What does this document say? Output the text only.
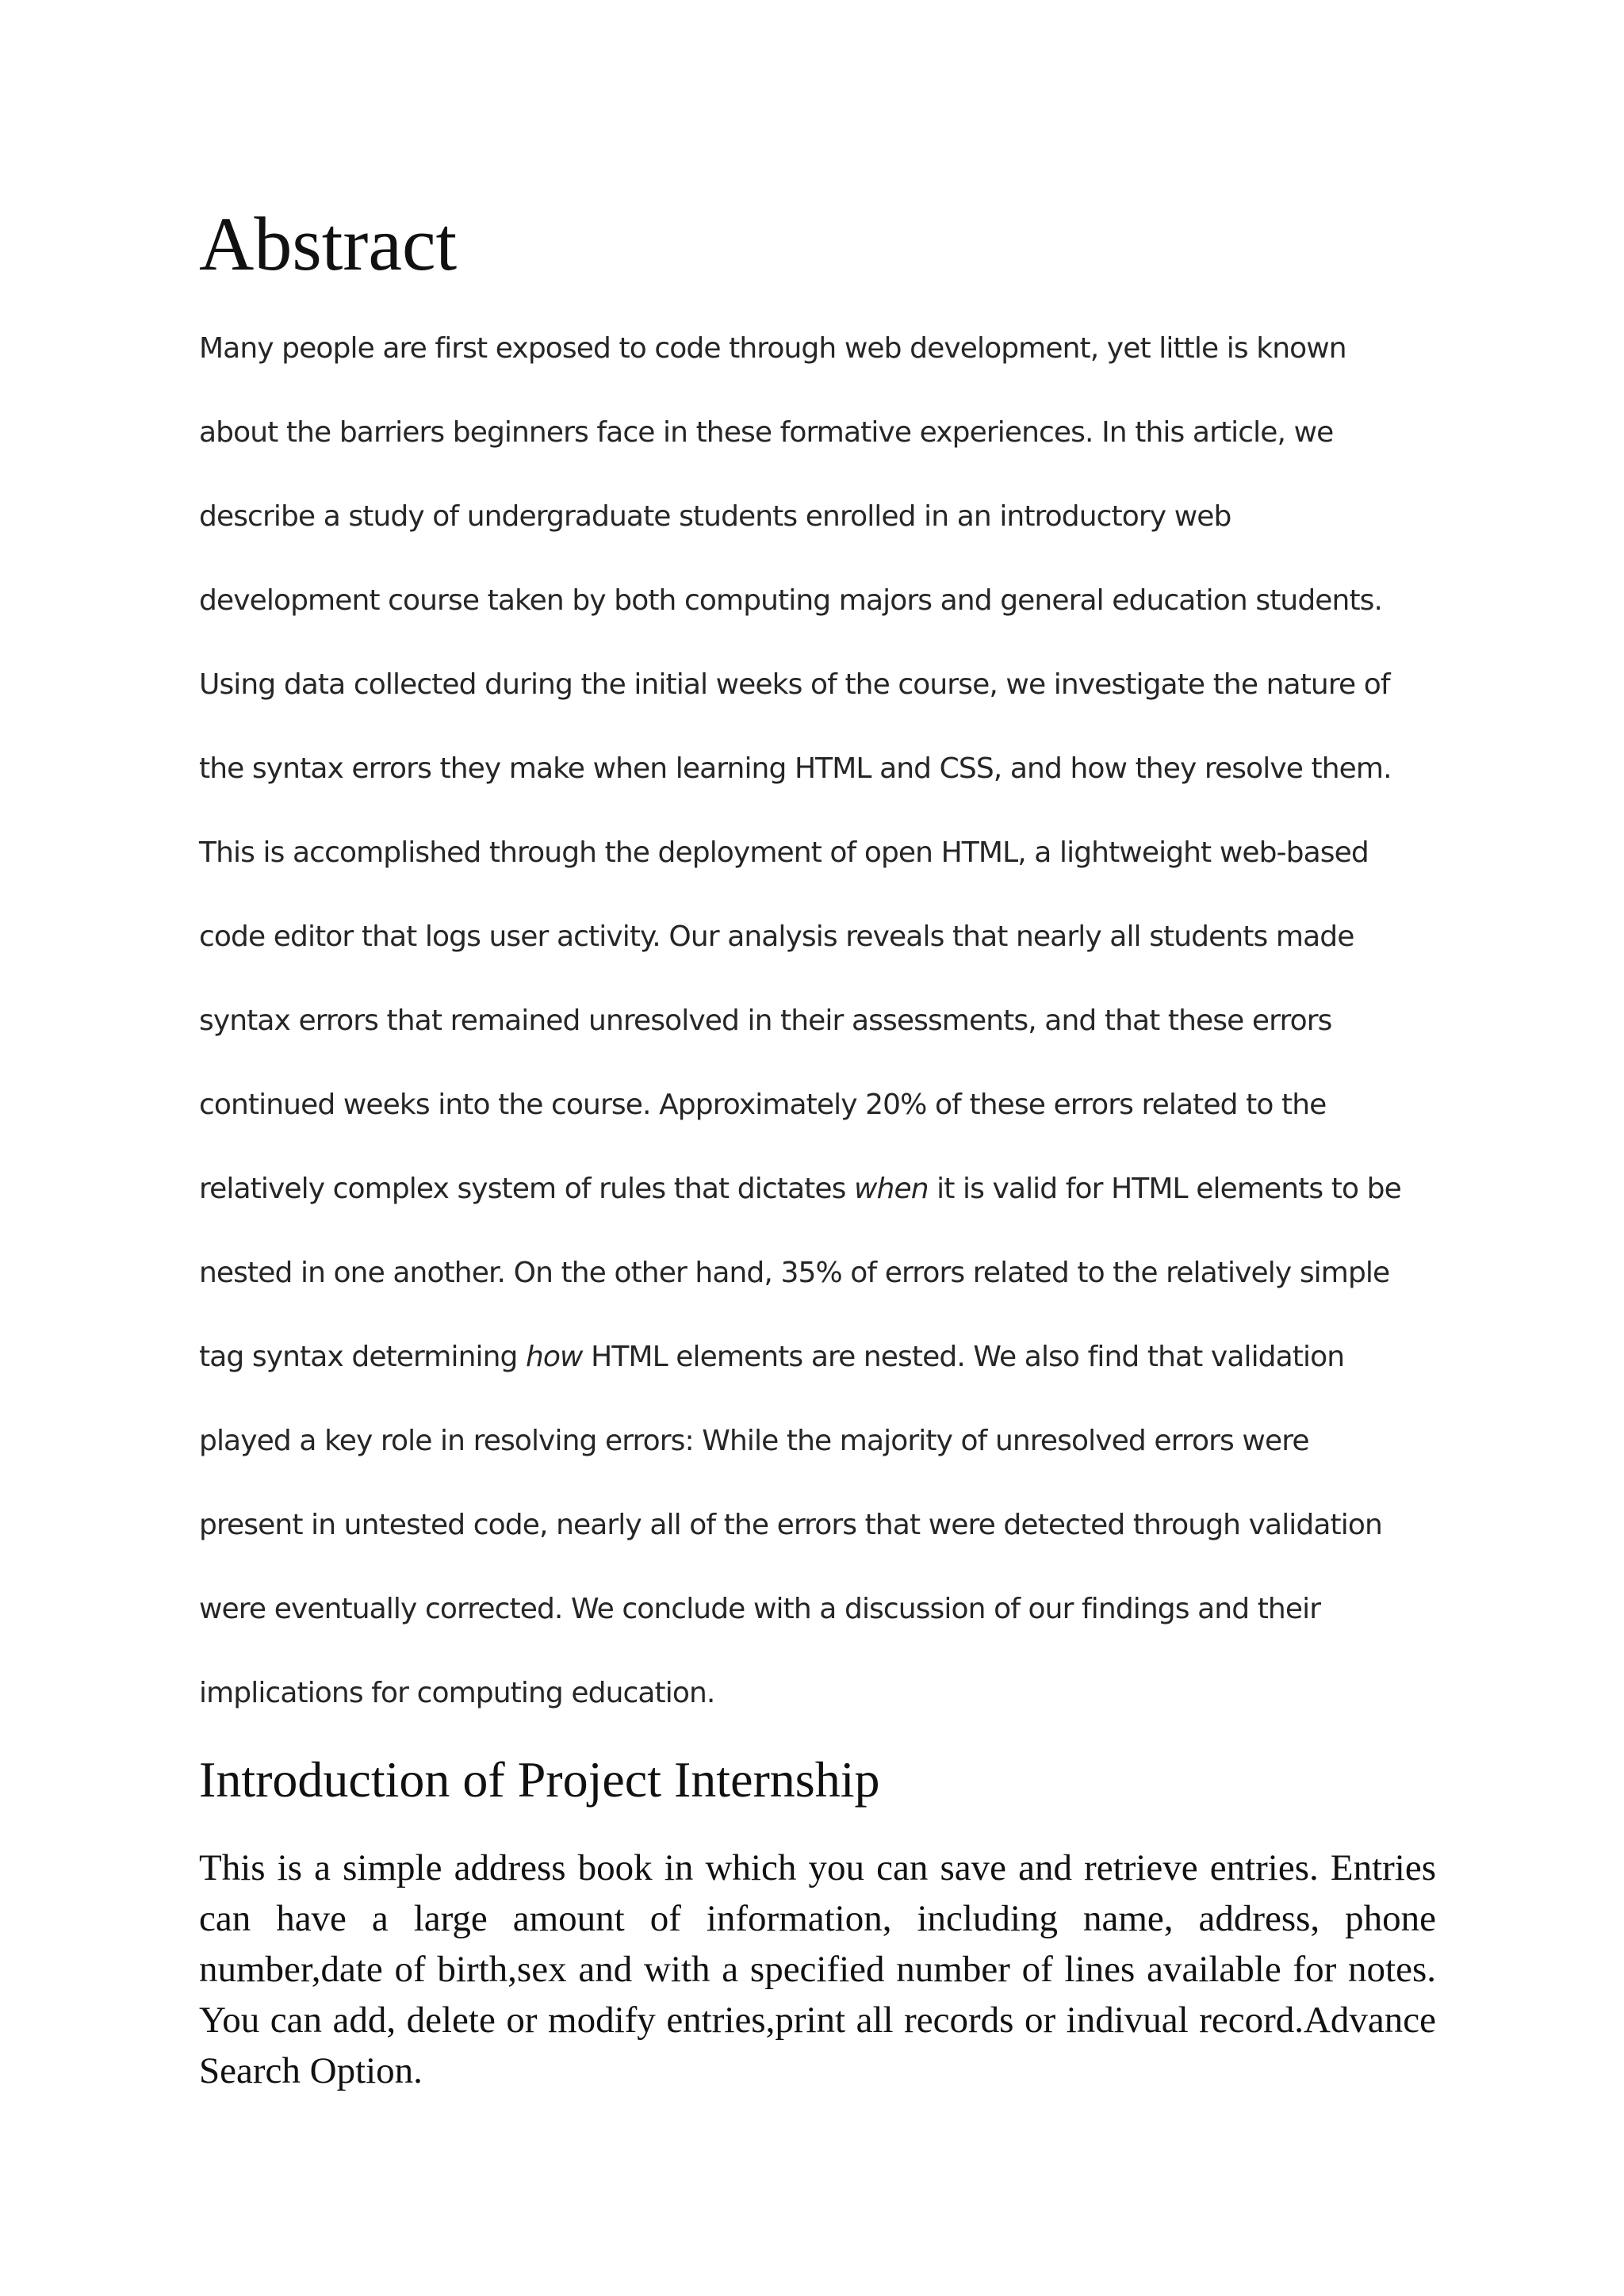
Abstract
Many people are first exposed to code through web development, yet little is known
about the barriers beginners face in these formative experiences. In this article, we
describe a study of undergraduate students enrolled in an introductory web
development course taken by both computing majors and general education students.
Using data collected during the initial weeks of the course, we investigate the nature of
the syntax errors they make when learning HTML and CSS, and how they resolve them.
This is accomplished through the deployment of open HTML, a lightweight web-based
code editor that logs user activity. Our analysis reveals that nearly all students made
syntax errors that remained unresolved in their assessments, and that these errors
continued weeks into the course. Approximately 20% of these errors related to the
relatively complex system of rules that dictates when it is valid for HTML elements to be
nested in one another. On the other hand, 35% of errors related to the relatively simple
tag syntax determining how HTML elements are nested. We also find that validation
played a key role in resolving errors: While the majority of unresolved errors were
present in untested code, nearly all of the errors that were detected through validation
were eventually corrected. We conclude with a discussion of our findings and their
implications for computing education.
Introduction of Project Internship
This is a simple address book in which you can save and retrieve entries. Entries
can have a large amount of information, including name, address, phone
number,date of birth,sex and with a specified number of lines available for notes.
You can add, delete or modify entries,print all records or indivual record.Advance
Search Option.
